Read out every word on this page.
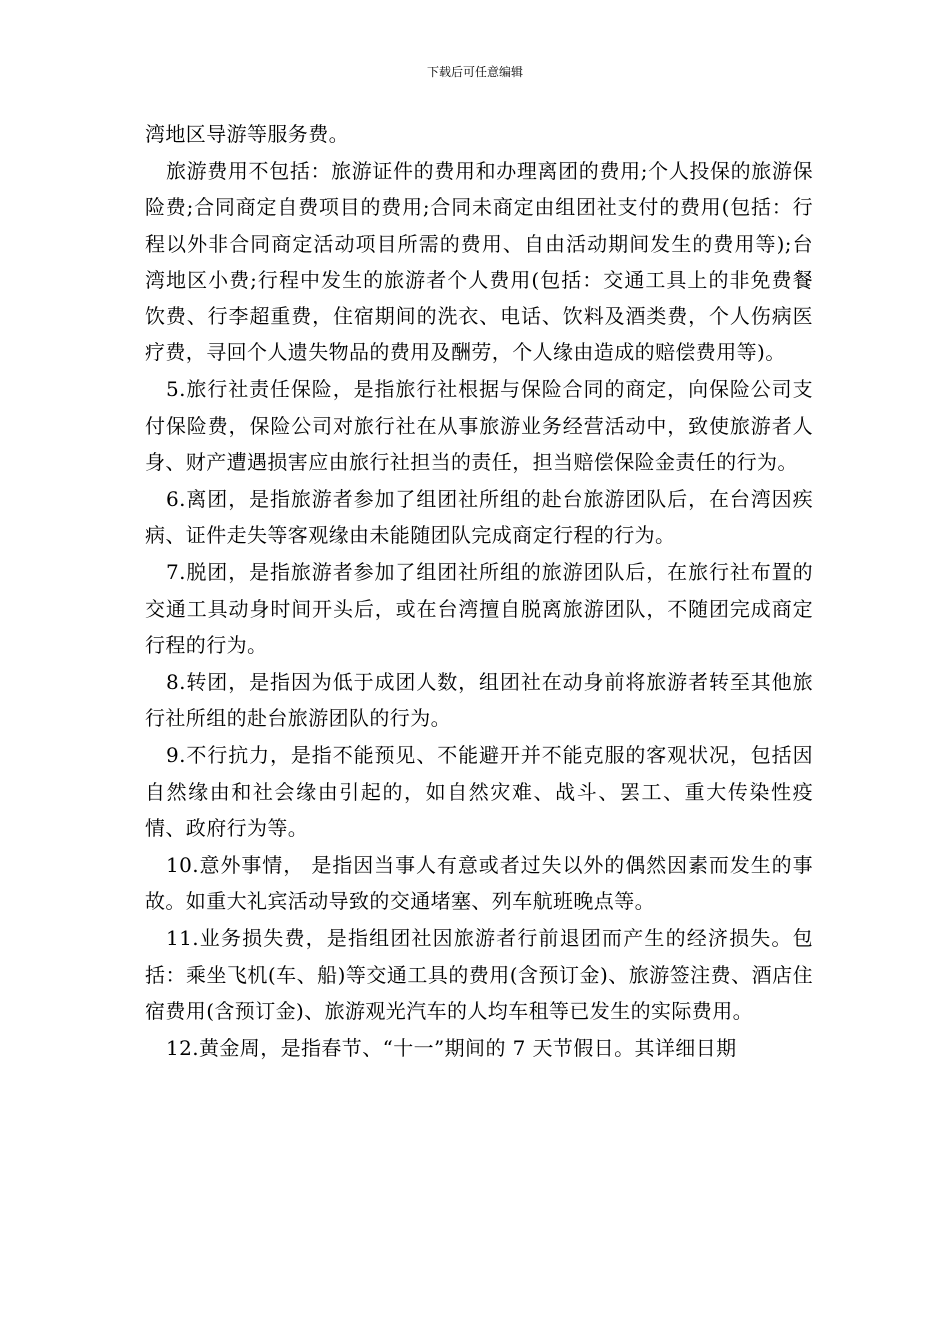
下载后可任意编辑

湾地区导游等服务费。

旅游费用不包括：旅游证件的费用和办理离团的费用;个人投保的旅游保险费;合同商定自费项目的费用;合同未商定由组团社支付的费用(包括：行程以外非合同商定活动项目所需的费用、自由活动期间发生的费用等);台湾地区小费;行程中发生的旅游者个人费用(包括：交通工具上的非免费餐饮费、行李超重费，住宿期间的洗衣、电话、饮料及酒类费，个人伤病医疗费，寻回个人遗失物品的费用及酬劳，个人缘由造成的赔偿费用等)。

5.旅行社责任保险，是指旅行社根据与保险合同的商定，向保险公司支付保险费，保险公司对旅行社在从事旅游业务经营活动中，致使旅游者人身、财产遭遇损害应由旅行社担当的责任，担当赔偿保险金责任的行为。

6.离团，是指旅游者参加了组团社所组的赴台旅游团队后，在台湾因疾病、证件走失等客观缘由未能随团队完成商定行程的行为。

7.脱团，是指旅游者参加了组团社所组的旅游团队后，在旅行社布置的交通工具动身时间开头后，或在台湾擅自脱离旅游团队，不随团完成商定行程的行为。

8.转团，是指因为低于成团人数，组团社在动身前将旅游者转至其他旅行社所组的赴台旅游团队的行为。

9.不行抗力，是指不能预见、不能避开并不能克服的客观状况，包括因自然缘由和社会缘由引起的，如自然灾难、战斗、罢工、重大传染性疫情、政府行为等。

10.意外事情， 是指因当事人有意或者过失以外的偶然因素而发生的事故。如重大礼宾活动导致的交通堵塞、列车航班晚点等。

11.业务损失费，是指组团社因旅游者行前退团而产生的经济损失。包括：乘坐飞机(车、船)等交通工具的费用(含预订金)、旅游签注费、酒店住宿费用(含预订金)、旅游观光汽车的人均车租等已发生的实际费用。

12.黄金周，是指春节、“十一”期间的 7 天节假日。其详细日期
